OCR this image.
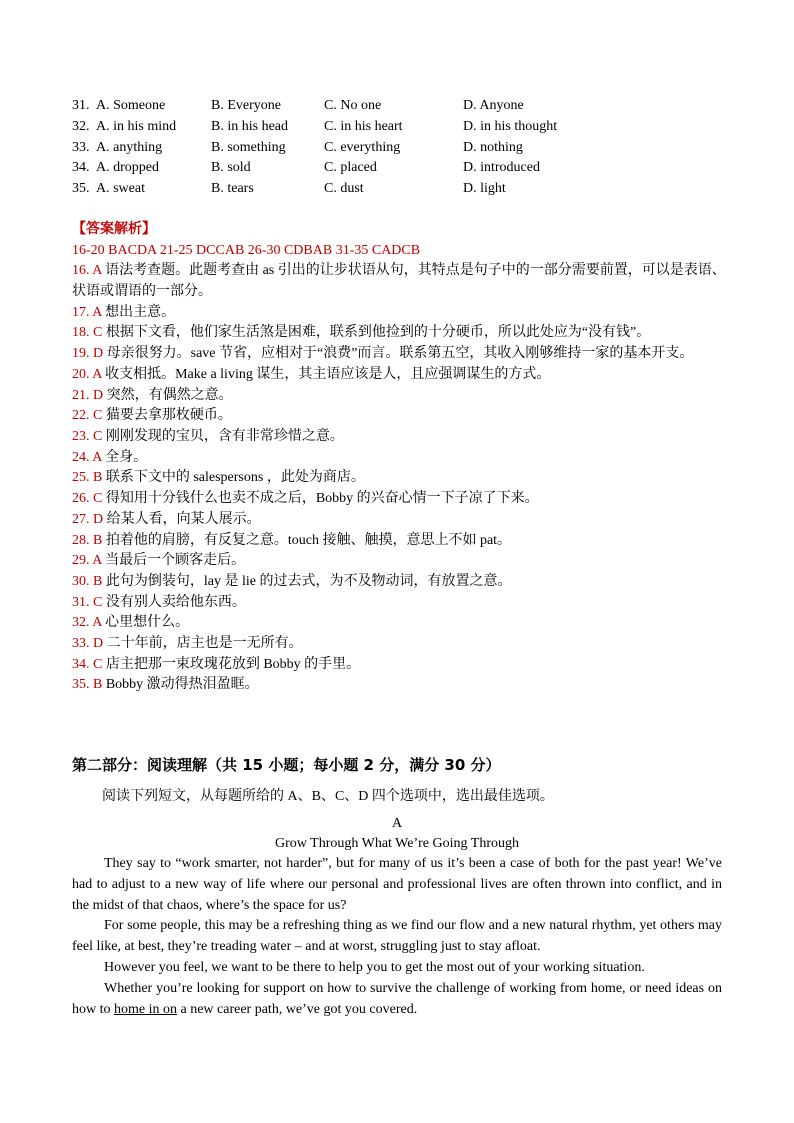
31. A. Someone	B. Everyone	C. No one	D. Anyone
32. A. in his mind B. in his head	C. in his heart	D. in his thought
33. A. anything	B. something	C. everything	D. nothing
34. A. dropped	B. sold	C. placed	D. introduced
35. A. sweat	B. tears	C. dust	D. light
【答案解析】
16-20 BACDA 21-25 DCCAB 26-30 CDBAB 31-35 CADCB
16. A 语法考查题。此题考查由 as 引出的让步状语从句，其特点是句子中的一部分需要前置，可以是表语、状语或谓语的一部分。
17. A 想出主意。
18. C 根据下文看，他们家生活煞是困难，联系到他捡到的十分硬币，所以此处应为“没有钱”。
19. D 母亲很努力。save 节省，应相对于“浪费”而言。联系第五空，其收入刚够维持一家的基本开支。
20. A 收支相抵。Make a living 谋生，其主语应该是人，且应强调谋生的方式。
21. D 突然，有偶然之意。
22. C 猫要去拿那枚硬币。
23. C 刚刚发现的宝贝，含有非常珍惜之意。
24. A 全身。
25. B 联系下文中的 salespersons ，此处为商店。
26. C 得知用十分钱什么也卖不成之后，Bobby 的兴奋心情一下子凉了下来。
27. D 给某人看，向某人展示。
28. B 拍着他的肩膀，有反复之意。touch 接触、触摸，意思上不如 pat。
29. A 当最后一个顾客走后。
30. B 此句为倒装句，lay 是 lie 的过去式，为不及物动词，有放置之意。
31. C 没有别人卖给他东西。
32. A 心里想什么。
33. D 二十年前，店主也是一无所有。
34. C 店主把那一束玫瑰花放到 Bobby 的手里。
35. B Bobby 激动得热泪盈眶。
第二部分：阅读理解（共 15 小题；每小题 2 分，满分 30 分）
阅读下列短文，从每题所给的 A、B、C、D 四个选项中，选出最佳选项。
A
Grow Through What We’re Going Through

They say to “work smarter, not harder”, but for many of us it’s been a case of both for the past year! We’ve had to adjust to a new way of life where our personal and professional lives are often thrown into conflict, and in the midst of that chaos, where’s the space for us?

For some people, this may be a refreshing thing as we find our flow and a new natural rhythm, yet others may feel like, at best, they’re treading water – and at worst, struggling just to stay afloat.

However you feel, we want to be there to help you to get the most out of your working situation.

Whether you’re looking for support on how to survive the challenge of working from home, or need ideas on how to home in on a new career path, we’ve got you covered.
